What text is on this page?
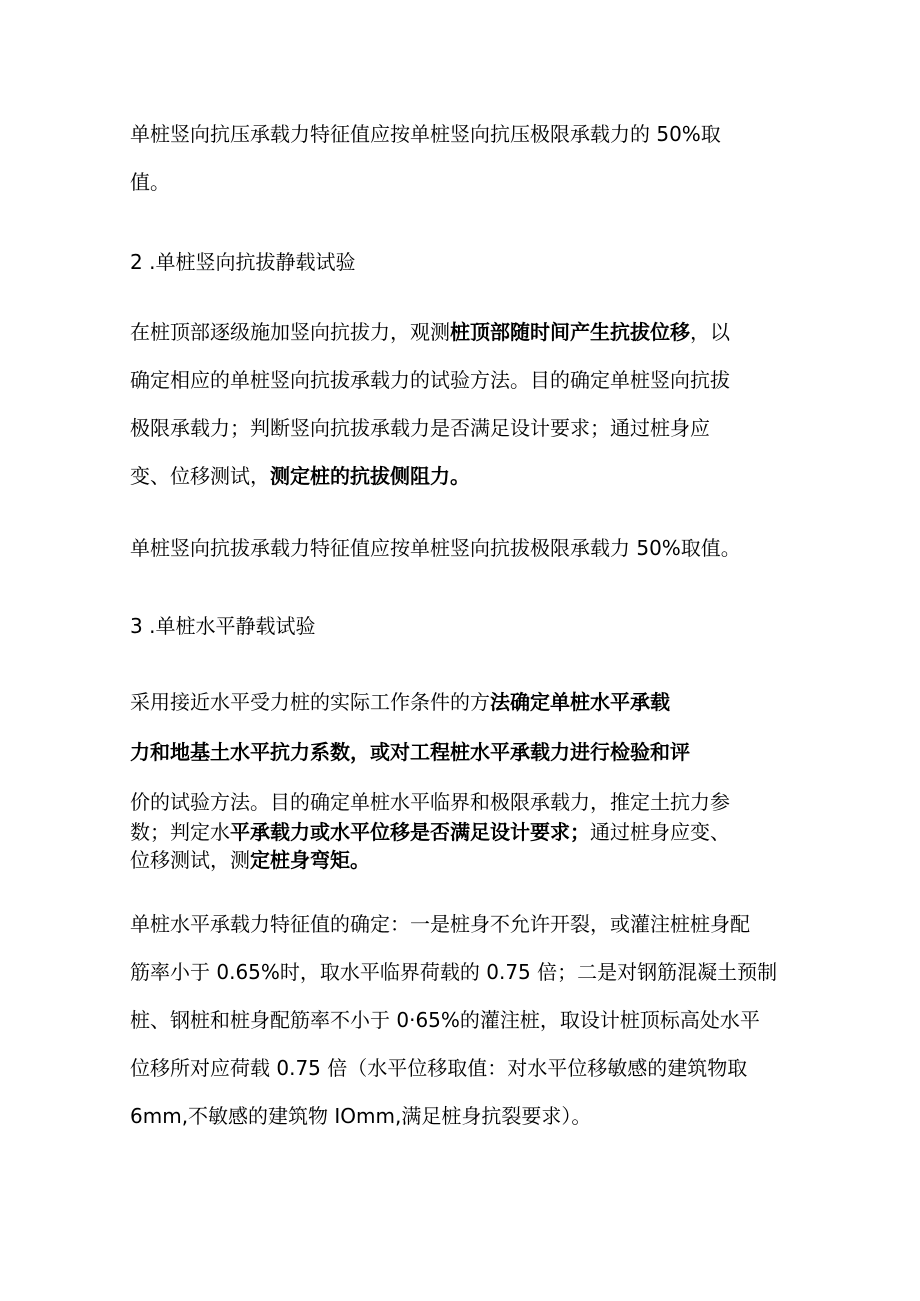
单桩竖向抗压承载力特征值应按单桩竖向抗压极限承载力的 50%取
值。
2 .单桩竖向抗拔静载试验
在桩顶部逐级施加竖向抗拔力，观测桩顶部随时间产生抗拔位移，以
确定相应的单桩竖向抗拔承载力的试验方法。目的确定单桩竖向抗拔
极限承载力；判断竖向抗拔承载力是否满足设计要求；通过桩身应
变、位移测试，测定桩的抗拔侧阻力。
单桩竖向抗拔承载力特征值应按单桩竖向抗拔极限承载力 50%取值。
3 .单桩水平静载试验
采用接近水平受力桩的实际工作条件的方法确定单桩水平承载
力和地基土水平抗力系数，或对工程桩水平承载力进行检验和评
价的试验方法。目的确定单桩水平临界和极限承载力，推定土抗力参
数；判定水平承载力或水平位移是否满足设计要求；通过桩身应变、
位移测试，测定桩身弯矩。
单桩水平承载力特征值的确定：一是桩身不允许开裂，或灌注桩桩身配
筋率小于 0.65%时，取水平临界荷载的 0.75 倍；二是对钢筋混凝土预制
桩、钢桩和桩身配筋率不小于 0·65%的灌注桩，取设计桩顶标高处水平
位移所对应荷载 0.75 倍（水平位移取值：对水平位移敏感的建筑物取
6mm,不敏感的建筑物 IOmm,满足桩身抗裂要求）。
